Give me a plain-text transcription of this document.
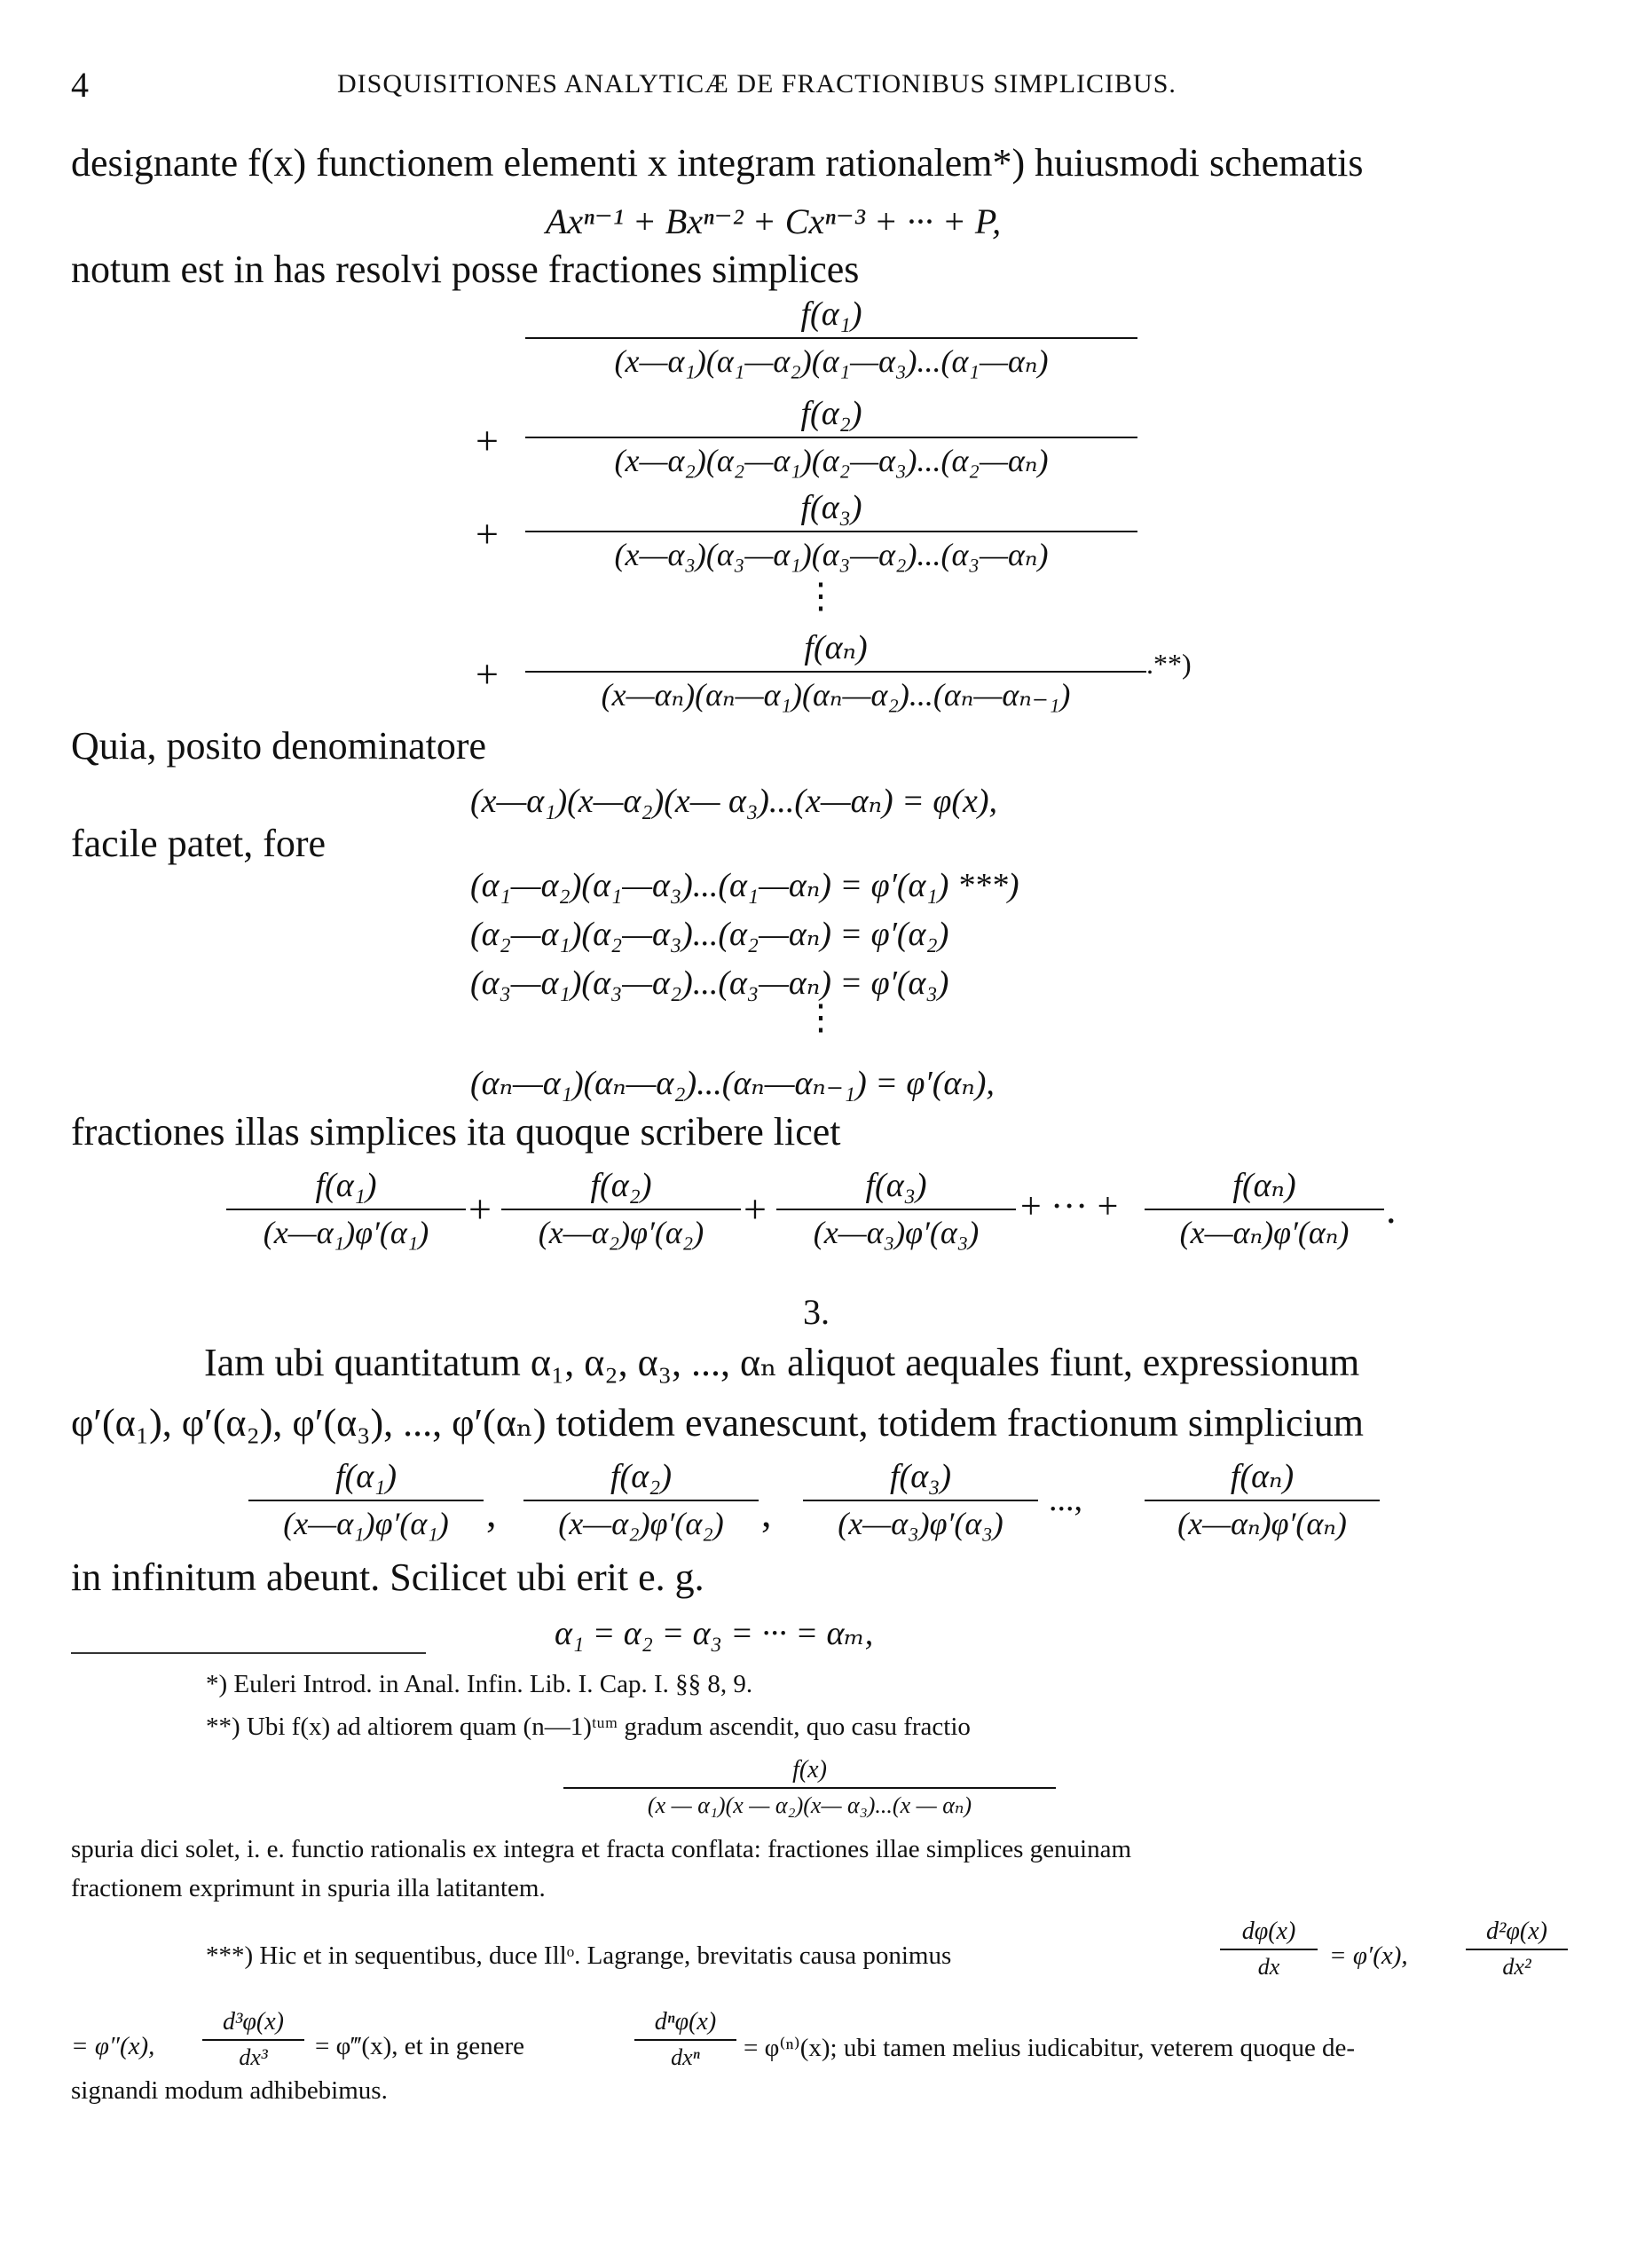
4	DISQUISITIONES ANALYTICÆ DE FRACTIONIBUS SIMPLICIBUS.
designante f(x) functionem elementi x integram rationalem*) huiusmodi schematis
Axⁿ⁻¹ + Bxⁿ⁻² + Cxⁿ⁻³ + ··· + P,
notum est in has resolvi posse fractiones simplices
f(α₁)
(x—α₁)(α₁—α₂)(α₁—α₃)...(α₁—αₙ)
+
f(α₂)
(x—α₂)(α₂—α₁)(α₂—α₃)...(α₂—αₙ)
+
f(α₃)
(x—α₃)(α₃—α₁)(α₃—α₂)...(α₃—αₙ)
⋮
+
f(αₙ)
(x—αₙ)(αₙ—α₁)(αₙ—α₂)...(αₙ—αₙ₋₁)
.**)
Quia, posito denominatore
(x—α₁)(x—α₂)(x— α₃)...(x—αₙ) = φ(x),
facile patet, fore
(α₁—α₂)(α₁—α₃)...(α₁—αₙ) = φ′(α₁) ***)
(α₂—α₁)(α₂—α₃)...(α₂—αₙ) = φ′(α₂)
(α₃—α₁)(α₃—α₂)...(α₃—αₙ) = φ′(α₃)
⋮
(αₙ—α₁)(αₙ—α₂)...(αₙ—αₙ₋₁) = φ′(αₙ),
fractiones illas simplices ita quoque scribere licet
f(α₁)
(x—α₁)φ′(α₁)
+
f(α₂)
(x—α₂)φ′(α₂)
+
f(α₃)
(x—α₃)φ′(α₃)
+ ··· +
f(αₙ)
(x—αₙ)φ′(αₙ)
.
3.
Iam ubi quantitatum α₁, α₂, α₃, ..., αₙ aliquot aequales fiunt, expressionum
φ′(α₁), φ′(α₂), φ′(α₃), ..., φ′(αₙ) totidem evanescunt, totidem fractionum simplicium
f(α₁)
(x—α₁)φ′(α₁) ,
f(α₂)
(x—α₂)φ′(α₂) ,
f(α₃)
(x—α₃)φ′(α₃)
...,
f(αₙ)
(x—αₙ)φ′(αₙ)
in infinitum abeunt. Scilicet ubi erit e. g.
α₁ = α₂ = α₃ = ··· = αₘ,
*) Euleri Introd. in Anal. Infin. Lib. I. Cap. I. §§ 8, 9.
**) Ubi f(x) ad altiorem quam (n—1)ᵗᵘᵐ gradum ascendit, quo casu fractio
f(x)
(x — α₁)(x — α₂)(x— α₃)...(x — αₙ)
spuria dici solet, i. e. functio rationalis ex integra et fracta conflata: fractiones illae simplices genuinam
fractionem exprimunt in spuria illa latitantem.
***) Hic et in sequentibus, duce Illᵒ. Lagrange, brevitatis causa ponimus
dφ(x)
dx	= φ′(x),
d²φ(x)
dx²
= φ″(x),
d³φ(x)
dx³	= φ‴(x), et in genere
dⁿφ(x)
dxⁿ	= φ⁽ⁿ⁾(x); ubi tamen melius iudicabitur, veterem quoque de-
signandi modum adhibebimus.
